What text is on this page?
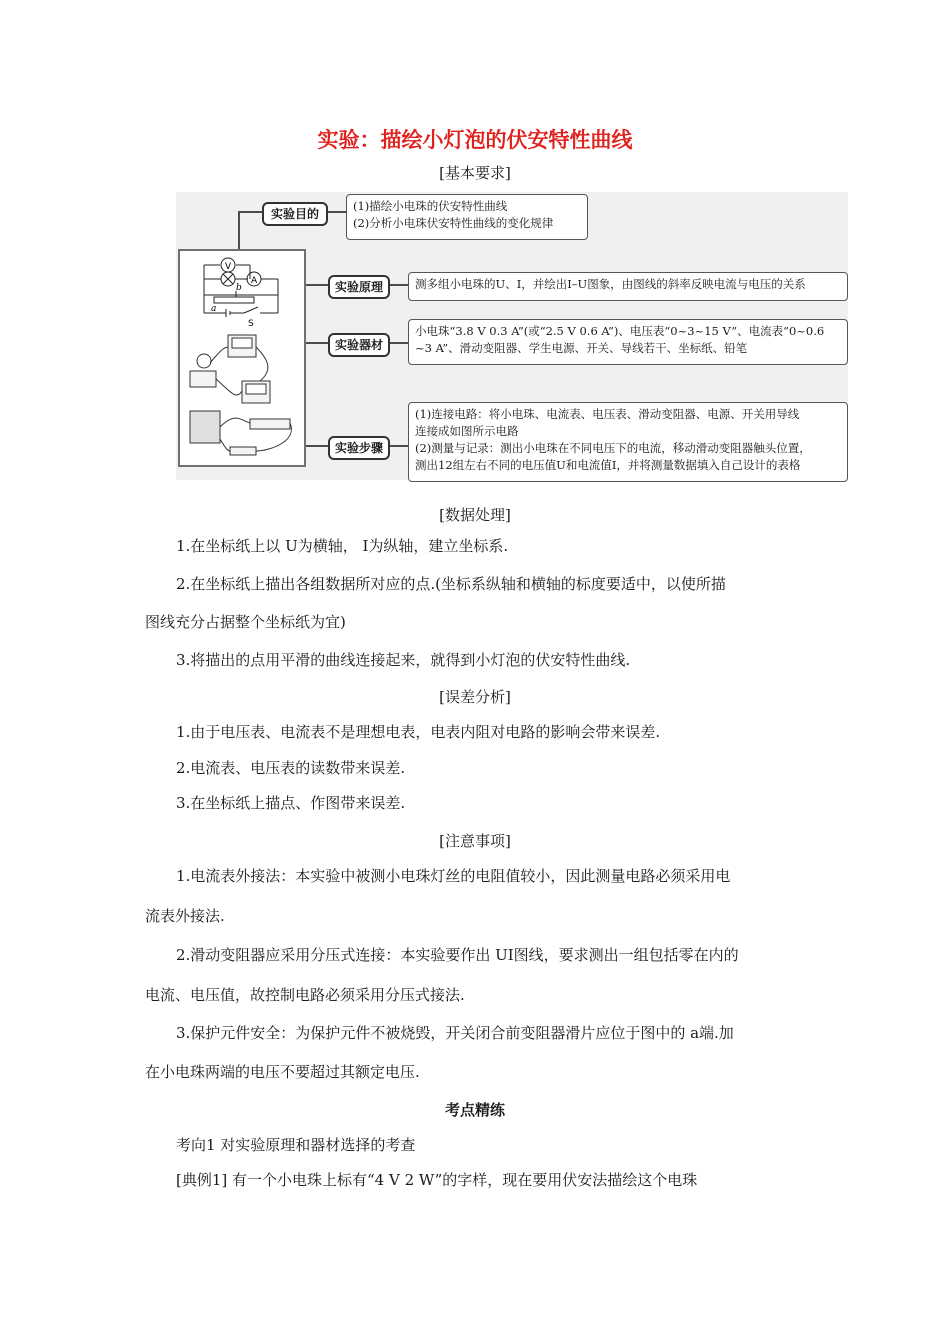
实验：描绘小灯泡的伏安特性曲线
[基本要求]
V
A
a
b
S
实验目的
实验原理
实验器材
实验步骤
(1)描绘小电珠的伏安特性曲线
(2)分析小电珠伏安特性曲线的变化规律
测多组小电珠的U、I，并绘出I–U图象，由图线的斜率反映电流与电压的关系
小电珠“3.8 V 0.3 A”(或“2.5 V 0.6 A”)、电压表“0~3~15 V”、电流表“0~0.6
~3 A”、滑动变阻器、学生电源、开关、导线若干、坐标纸、铅笔
(1)连接电路：将小电珠、电流表、电压表、滑动变阻器、电源、开关用导线
连接成如图所示电路
(2)测量与记录：测出小电珠在不同电压下的电流，移动滑动变阻器触头位置，
测出12组左右不同的电压值U和电流值I，并将测量数据填入自己设计的表格
[数据处理]
1.在坐标纸上以 U为横轴， I为纵轴，建立坐标系.
2.在坐标纸上描出各组数据所对应的点.(坐标系纵轴和横轴的标度要适中，以使所描
图线充分占据整个坐标纸为宜)
3.将描出的点用平滑的曲线连接起来，就得到小灯泡的伏安特性曲线.
[误差分析]
1.由于电压表、电流表不是理想电表，电表内阻对电路的影响会带来误差.
2.电流表、电压表的读数带来误差.
3.在坐标纸上描点、作图带来误差.
[注意事项]
1.电流表外接法：本实验中被测小电珠灯丝的电阻值较小，因此测量电路必须采用电
流表外接法.
2.滑动变阻器应采用分压式连接：本实验要作出 UI图线，要求测出一组包括零在内的
电流、电压值，故控制电路必须采用分压式接法.
3.保护元件安全：为保护元件不被烧毁，开关闭合前变阻器滑片应位于图中的 a端.加
在小电珠两端的电压不要超过其额定电压.
考点精练
考向1 对实验原理和器材选择的考查
[典例1] 有一个小电珠上标有“4 V 2 W”的字样，现在要用伏安法描绘这个电珠
